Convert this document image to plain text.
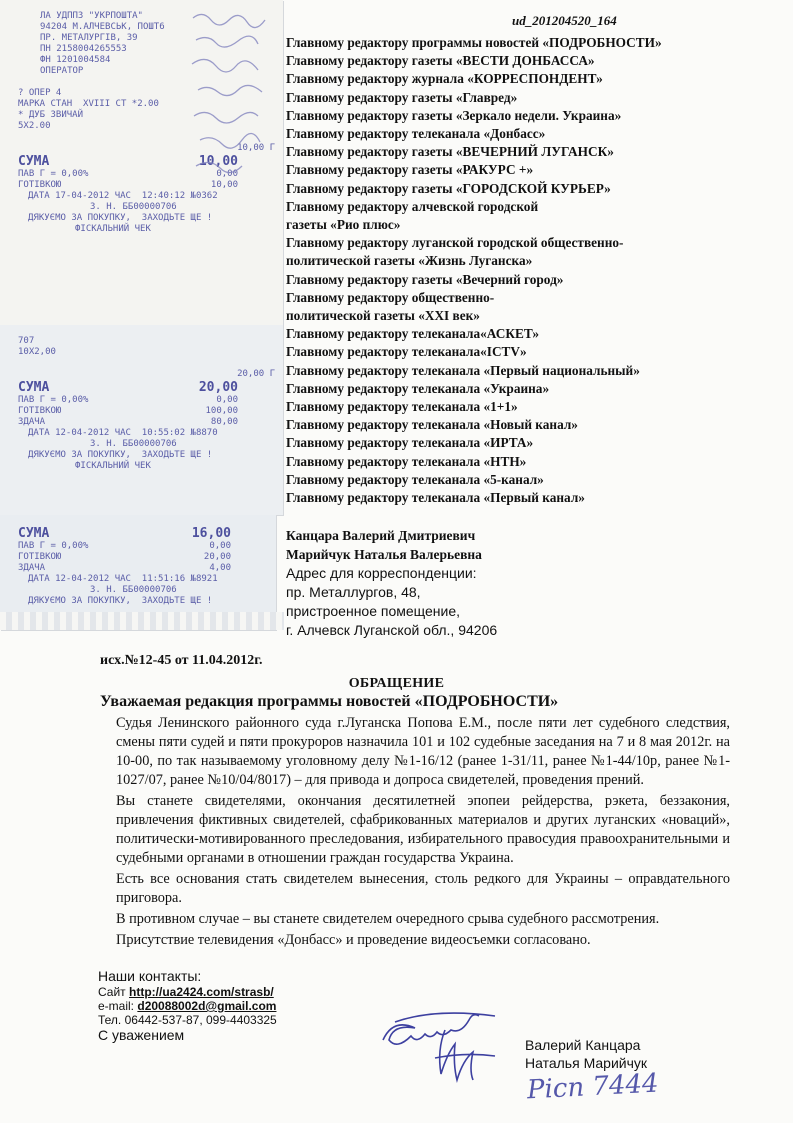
ud_201204520_164
ЛА УДППЗ "УКРПОШТА"
94204 М.АЛЧЕВСЬК, ПОШТ6
ПР. МЕТАЛУРГІВ, 39
ПН 2158004265553
ФН 1201004584
ОПЕРАТОР
? ОПЕР 4
МАРКА СТАН  ХVIII СТ *2.00
* ДУБ ЗВИЧАЙ
5X2.00
10,00 Г
СУМА	10,00
ПАВ Г = 0,00%	0,00
ГОТІВКОЮ	10,00
ДАТА 17-04-2012 ЧАС  12:40:12 №0362
З. Н. ББ00000706
ДЯКУЄМО ЗА ПОКУПКУ,  ЗАХОДЬТЕ ЩЕ !
ФІСКАЛЬНИЙ ЧЕК
707
10X2,00
20,00 Г
СУМА	20,00
ПАВ Г = 0,00%	0,00
ГОТІВКОЮ	100,00
ЗДАЧА	80,00
ДАТА 12-04-2012 ЧАС  10:55:02 №8870
З. Н. ББ00000706
ДЯКУЄМО ЗА ПОКУПКУ,  ЗАХОДЬТЕ ЩЕ !
ФІСКАЛЬНИЙ ЧЕК
СУМА	16,00
ПАВ Г = 0,00%	0,00
ГОТІВКОЮ	20,00
ЗДАЧА	4,00
ДАТА 12-04-2012 ЧАС  11:51:16 №8921
З. Н. ББ00000706
ДЯКУЄМО ЗА ПОКУПКУ,  ЗАХОДЬТЕ ЩЕ !
Главному редактору программы новостей «ПОДРОБНОСТИ»
Главному редактору газеты «ВЕСТИ ДОНБАССА»
Главному редактору журнала «КОРРЕСПОНДЕНТ»
Главному редактору газеты «Главред»
Главному редактору газеты «Зеркало недели. Украина»
Главному редактору телеканала «Донбасс»
Главному редактору газеты «ВЕЧЕРНИЙ ЛУГАНСК»
Главному редактору газеты «РАКУРС +»
Главному редактору газеты «ГОРОДСКОЙ КУРЬЕР»
Главному редактору алчевской городской
газеты «Рио плюс»
Главному редактору луганской городской общественно-
политической газеты «Жизнь Луганска»
Главному редактору газеты «Вечерний город»
Главному редактору общественно-
политической газеты «XXI век»
Главному редактору телеканала«АСКЕТ»
Главному редактору телеканала«ICTV»
Главному редактору телеканала «Первый национальный»
Главному редактору телеканала «Украина»
Главному редактору телеканала «1+1»
Главному редактору телеканала «Новый канал»
Главному редактору телеканала «ИРТА»
Главному редактору телеканала «НТН»
Главному редактору телеканала «5-канал»
Главному редактору телеканала «Первый канал»
Канцара Валерий Дмитриевич
Марийчук Наталья Валерьевна
Адрес для корреспонденции:
пр. Металлургов, 48,
пристроенное помещение,
г. Алчевск Луганской обл., 94206
исх.№12-45 от 11.04.2012г.
ОБРАЩЕНИЕ
Уважаемая редакция программы новостей «ПОДРОБНОСТИ»

Судья Ленинского районного суда г.Луганска Попова Е.М., после пяти лет судебного следствия, смены пяти судей и пяти прокуроров назначила 101 и 102 судебные заседания на 7 и 8 мая 2012г. на 10-00, по так называемому уголовному делу №1-16/12 (ранее 1-31/11, ранее №1-44/10р, ранее №1-1027/07, ранее №10/04/8017) – для привода и допроса свидетелей, проведения прений.

Вы станете свидетелями, окончания десятилетней эпопеи рейдерства, рэкета, беззакония, привлечения фиктивных свидетелей, сфабрикованных материалов и других луганских «новаций», политически-мотивированного преследования, избирательного правосудия правоохранительными и судебными органами в отношении граждан государства Украина.

Есть все основания стать свидетелем вынесения, столь редкого для Украины – оправдательного приговора.

В противном случае – вы станете свидетелем очередного срыва судебного рассмотрения.

Присутствие телевидения «Донбасс» и проведение видеосъемки согласовано.

Наши контакты:
Сайт http://ua2424.com/strasb/
e-mail: d20088002d@gmail.com
Тел. 06442-537-87, 099-4403325
С уважением
Валерий Канцара
Наталья Марийчук
Рісп 7444
